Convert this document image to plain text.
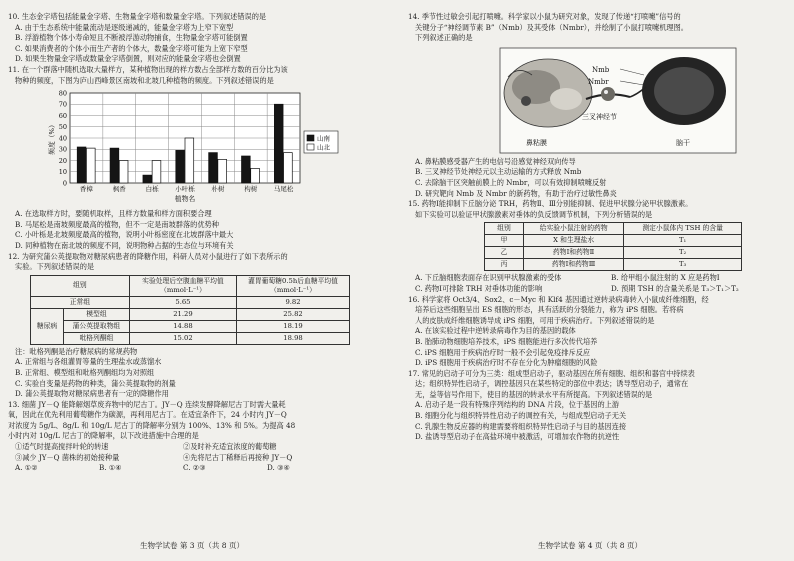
10. 生态金字塔包括能量金字塔、生物量金字塔和数量金字塔。下列叙述错误的是
A. 由于生态系统中能量流动是逐级递减的，能量金字塔为上窄下宽型
B. 浮游植物个体小寿命短且不断被浮游动物捕食，生物量金字塔可能倒置
C. 如果消费者的个体小而生产者的个体大，数量金字塔可能为上宽下窄型
D. 如果生物量金字塔或数量金字塔倒置，则对应的能量金字塔也会倒置
11. 在一个群落中随机选取大量样方，某种植物出现的样方数占全部样方数的百分比为该
物种的频度，下图为庐山西峰景区南坡和北坡几种植物的频度。下列叙述错误的是
0
10
20
30
40
50
60
70
80
香樟	枫香	白栎	小叶栎	朴树	构树	马尾松
植物名
频度（%）	山南
山北
A. 在选取样方时，要随机取样，且样方数量和样方面积要合理
B. 马尾松是南坡频度最高的植物，但不一定是南坡群落的优势种
C. 小叶栎是北坡频度最高的植物，说明小叶栎密度在北坡群落中最大
D. 同种植物在南北坡的频度不同，说明物种占据的生态位与环境有关
12. 为研究蒲公英提取物对糖尿病患者的降糖作用，科研人员对小鼠进行了如下表所示的
实验。下列叙述错误的是
组别		实验处理后空腹血糖平均值（mmol·L⁻¹）	灌胃葡萄糖0.5h后血糖平均值（mmol·L⁻¹）
正常组		5.65	9.82
糖尿病	模型组	21.29	25.82
	蒲公英提取物组	14.88	18.19
	吡格列酮组	15.02	18.98
注：吡格列酮是治疗糖尿病的常规药物
A. 正常组与各组灌胃等量的生理盐水或蒸馏水
B. 正常组、模型组和吡格列酮组均为对照组
C. 实验自变量是药物的种类，蒲公英提取物的剂量
D. 蒲公英提取物对糖尿病患者有一定的降糖作用
13. 细菌 JY－Q 能降解烟草废弃物中的尼古丁。JY－Q 连续发酵降解尼古丁时需大量耗
氧，因此在优先利用葡萄糖作为碳源，再利用尼古丁。在适宜条件下，24 小时内 JY－Q
对浓度为 5g/L、8g/L 和 10g/L 尼古丁的降解率分别为 100%、13% 和 5%。为提高 48
小时内对 10g/L 尼古丁的降解率，以下改进措施中合理的是
①适气时提高搅拌叶轮的转速	②及时补充适宜浓度的葡萄糖
③减少 JY－Q 菌株的初始接种量	④先将尼古丁稀释后再接种 JY－Q
A. ①②	B. ①④	C. ②③	D. ③④
生物学试卷 第 3 页（共 8 页）
14. 季节性过敏会引起打喷嚏。科学家以小鼠为研究对象，发现了传递“打喷嚏”信号的
关键分子“神经调节素 B”（Nmb）及其受体（Nmbr），并绘制了小鼠打喷嚏机理图。
下列叙述正确的是
Nmb
Nmbr
三叉神经节
鼻粘膜	脑干
A. 鼻粘膜感受器产生的电信号沿感觉神经双向传导
B. 三叉神经节处神经元以主动运输的方式释放 Nmb
C. 去除脑干区突触前膜上的 Nmbr，可以有效抑制喷嚏反射
D. 研究靶向 Nmb 及 Nmbr 的新药物，有助于治疗过敏性鼻炎
15. 药物Ⅰ能抑制下丘脑分泌 TRH，药物Ⅱ、Ⅲ分别能抑制、促进甲状腺分泌甲状腺激素。
如下实验可以验证甲状腺激素对垂体的负反馈调节机制，下列分析错误的是
组别	给实验小鼠注射的药物	测定小鼠体内 TSH 的含量
甲	X 和生理盐水	T₁
乙	药物Ⅰ和药物Ⅱ	T₂
丙	药物Ⅰ和药物Ⅲ	T₃
A. 下丘脑细胞表面存在识别甲状腺激素的受体	B. 给甲组小鼠注射的 X 应是药物Ⅰ
C. 药物Ⅰ可排除 TRH 对垂体功能的影响	D. 预期 TSH 的含量关系是 T₃＞T₁＞T₂
16. 科学家将 Oct3/4、Sox2、c－Myc 和 Klf4 基因通过逆转录病毒转入小鼠成纤维细胞，经
培养后这些细胞呈出 ES 细胞的形态，具有活跃的分裂能力，称为 iPS 细胞。若将病
人的皮肤成纤维细胞诱导成 iPS 细胞，可用于疾病治疗。下列叙述错误的是
A. 在该实验过程中逆转录病毒作为目的基因的载体
B. 胎肺动物细胞培养技术，iPS 细胞能进行多次传代培养
C. iPS 细胞用于疾病治疗时一般不会引起免疫排斥反应
D. iPS 细胞用于疾病治疗时不存在分化为肿瘤细胞的风险
17. 常见的启动子可分为三类：组成型启动子，驱动基因在所有细胞、组织和器官中持续表
达；组织特异性启动子，调控基因只在某些特定的部位中表达；诱导型启动子，通常在
无，益等信号作用下，使目的基因的转录水平有所提高。下列叙述错误的是
A. 启动子是一段有特殊序列结构的 DNA 片段，位于基因的上游
B. 细胞分化与组织特异性启动子的调控有关，与组成型启动子无关
C. 乳腺生物反应器的构建需要将组织特异性启动子与目的基因连接
D. 盐诱导型启动子在高盐环境中被激活，可增加农作物的抗逆性
生物学试卷 第 4 页（共 8 页）
